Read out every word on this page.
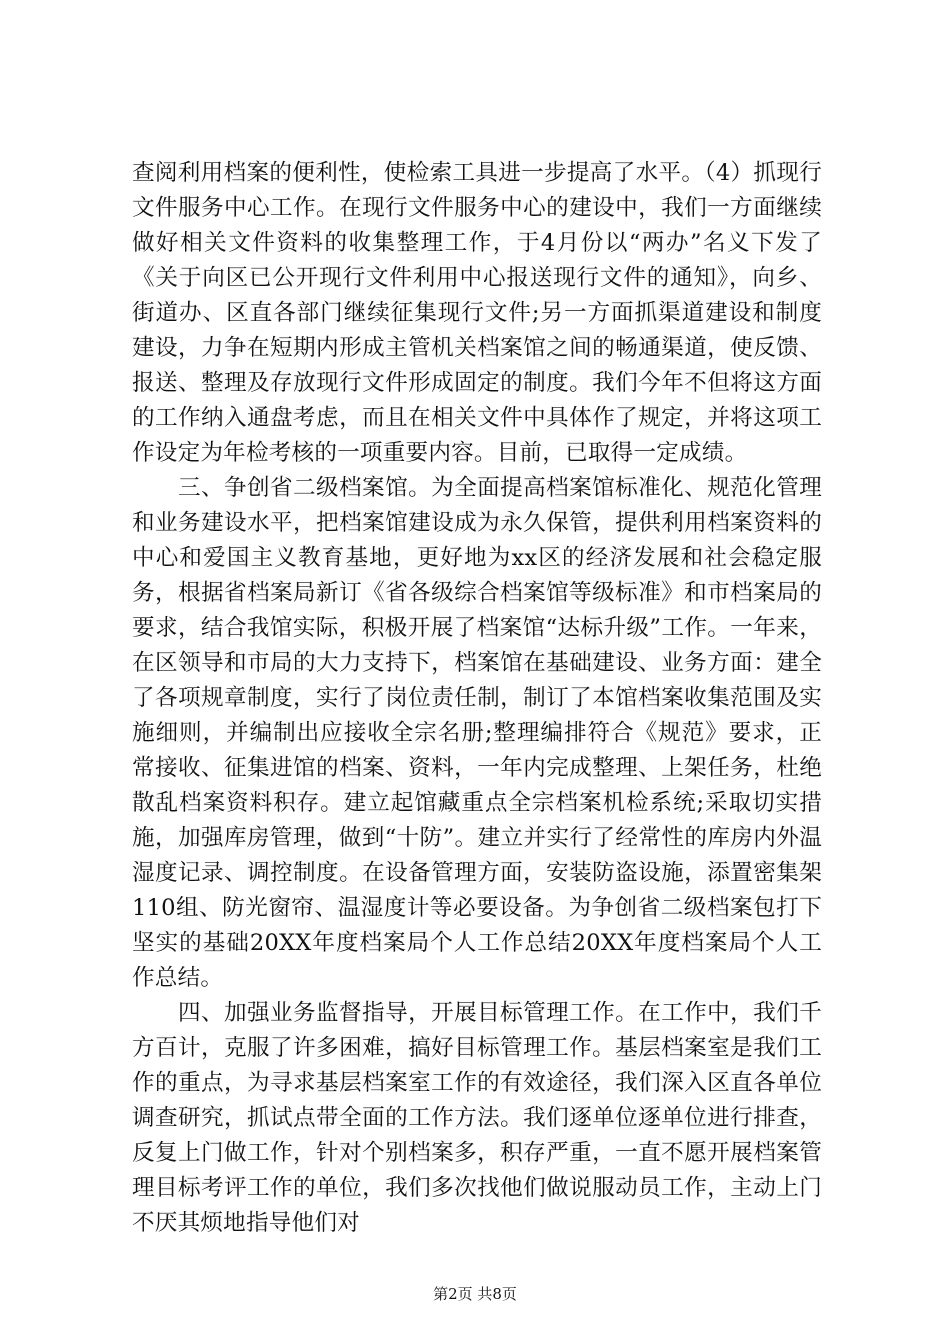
查阅利用档案的便利性，使检索工具进一步提高了水平。（4）抓现行文件服务中心工作。在现行文件服务中心的建设中，我们一方面继续做好相关文件资料的收集整理工作，于4月份以“两办”名义下发了《关于向区已公开现行文件利用中心报送现行文件的通知》，向乡、街道办、区直各部门继续征集现行文件;另一方面抓渠道建设和制度建设，力争在短期内形成主管机关档案馆之间的畅通渠道，使反馈、报送、整理及存放现行文件形成固定的制度。我们今年不但将这方面的工作纳入通盘考虑，而且在相关文件中具体作了规定，并将这项工作设定为年检考核的一项重要内容。目前，已取得一定成绩。

三、争创省二级档案馆。为全面提高档案馆标准化、规范化管理和业务建设水平，把档案馆建设成为永久保管，提供利用档案资料的中心和爱国主义教育基地，更好地为xx区的经济发展和社会稳定服务，根据省档案局新订《省各级综合档案馆等级标准》和市档案局的要求，结合我馆实际，积极开展了档案馆“达标升级”工作。一年来，在区领导和市局的大力支持下，档案馆在基础建设、业务方面：建全了各项规章制度，实行了岗位责任制，制订了本馆档案收集范围及实施细则，并编制出应接收全宗名册;整理编排符合《规范》要求，正常接收、征集进馆的档案、资料，一年内完成整理、上架任务，杜绝散乱档案资料积存。建立起馆藏重点全宗档案机检系统;采取切实措施，加强库房管理，做到“十防”。建立并实行了经常性的库房内外温湿度记录、调控制度。在设备管理方面，安装防盗设施，添置密集架110组、防光窗帘、温湿度计等必要设备。为争创省二级档案包打下坚实的基础20XX年度档案局个人工作总结20XX年度档案局个人工作总结。

四、加强业务监督指导，开展目标管理工作。在工作中，我们千方百计，克服了许多困难，搞好目标管理工作。基层档案室是我们工作的重点，为寻求基层档案室工作的有效途径，我们深入区直各单位调查研究，抓试点带全面的工作方法。我们逐单位逐单位进行排查，反复上门做工作，针对个别档案多，积存严重，一直不愿开展档案管理目标考评工作的单位，我们多次找他们做说服动员工作，主动上门不厌其烦地指导他们对

第2页 共8页
